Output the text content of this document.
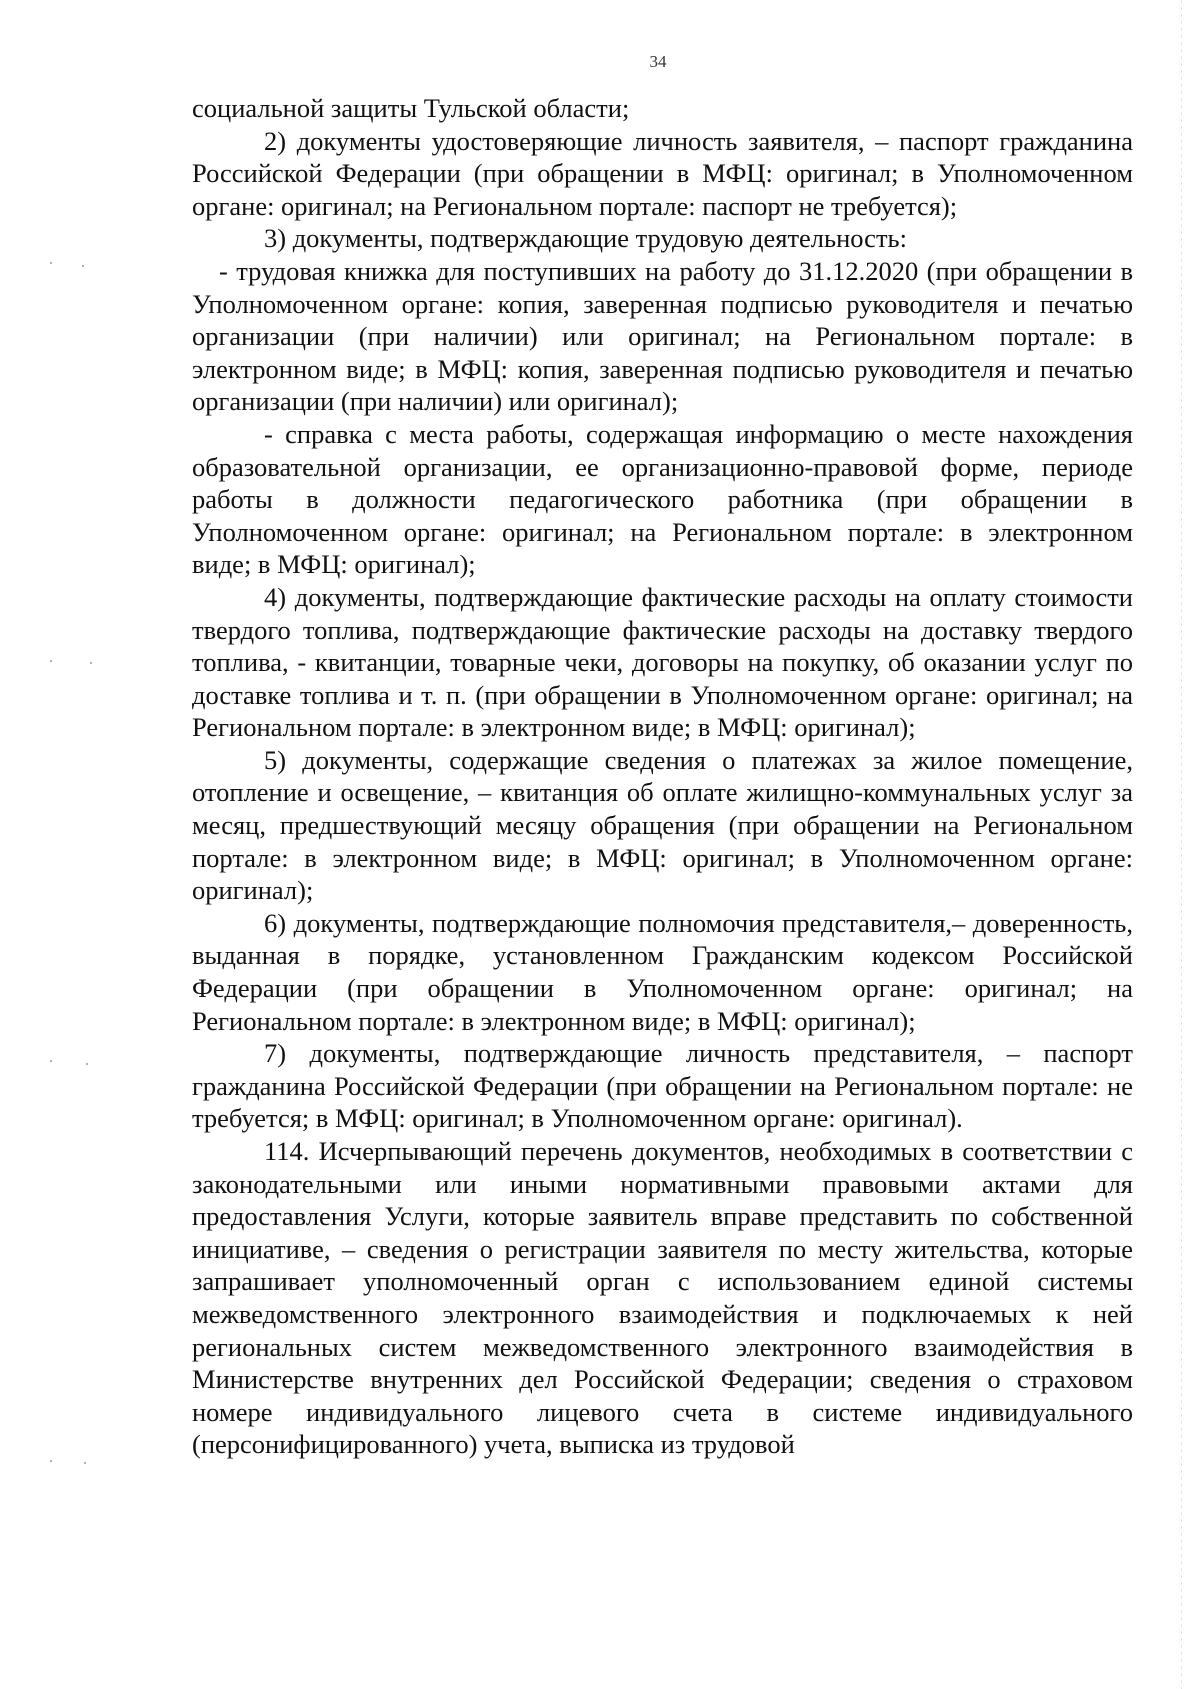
34

социальной защиты Тульской области;

2) документы удостоверяющие личность заявителя, – паспорт гражданина Российской Федерации (при обращении в МФЦ: оригинал; в Уполномоченном органе: оригинал; на Региональном портале: паспорт не требуется);

3) документы, подтверждающие трудовую деятельность:

- трудовая книжка для поступивших на работу до 31.12.2020 (при обращении в Уполномоченном органе: копия, заверенная подписью руководителя и печатью организации (при наличии) или оригинал; на Региональном портале: в электронном виде; в МФЦ: копия, заверенная подписью руководителя и печатью организации (при наличии) или оригинал);

- справка с места работы, содержащая информацию о месте нахождения образовательной организации, ее организационно-правовой форме, периоде работы в должности педагогического работника (при обращении в Уполномоченном органе: оригинал; на Региональном портале: в электронном виде; в МФЦ: оригинал);

4) документы, подтверждающие фактические расходы на оплату стоимости твердого топлива, подтверждающие фактические расходы на доставку твердого топлива, - квитанции, товарные чеки, договоры на покупку, об оказании услуг по доставке топлива и т. п. (при обращении в Уполномоченном органе: оригинал; на Региональном портале: в электронном виде; в МФЦ: оригинал);

5) документы, содержащие сведения о платежах за жилое помещение, отопление и освещение, – квитанция об оплате жилищно-коммунальных услуг за месяц, предшествующий месяцу обращения (при обращении на Региональном портале: в электронном виде; в МФЦ: оригинал; в Уполномоченном органе: оригинал);

6) документы, подтверждающие полномочия представителя,– доверенность, выданная в порядке, установленном Гражданским кодексом Российской Федерации (при обращении в Уполномоченном органе: оригинал; на Региональном портале: в электронном виде; в МФЦ: оригинал);

7) документы, подтверждающие личность представителя, – паспорт гражданина Российской Федерации (при обращении на Региональном портале: не требуется; в МФЦ: оригинал; в Уполномоченном органе: оригинал).

114. Исчерпывающий перечень документов, необходимых в соответствии с законодательными или иными нормативными правовыми актами для предоставления Услуги, которые заявитель вправе представить по собственной инициативе, – сведения о регистрации заявителя по месту жительства, которые запрашивает уполномоченный орган с использованием единой системы межведомственного электронного взаимодействия и подключаемых к ней региональных систем межведомственного электронного взаимодействия в Министерстве внутренних дел Российской Федерации; сведения о страховом номере индивидуального лицевого счета в системе индивидуального (персонифицированного) учета, выписка из трудовой
